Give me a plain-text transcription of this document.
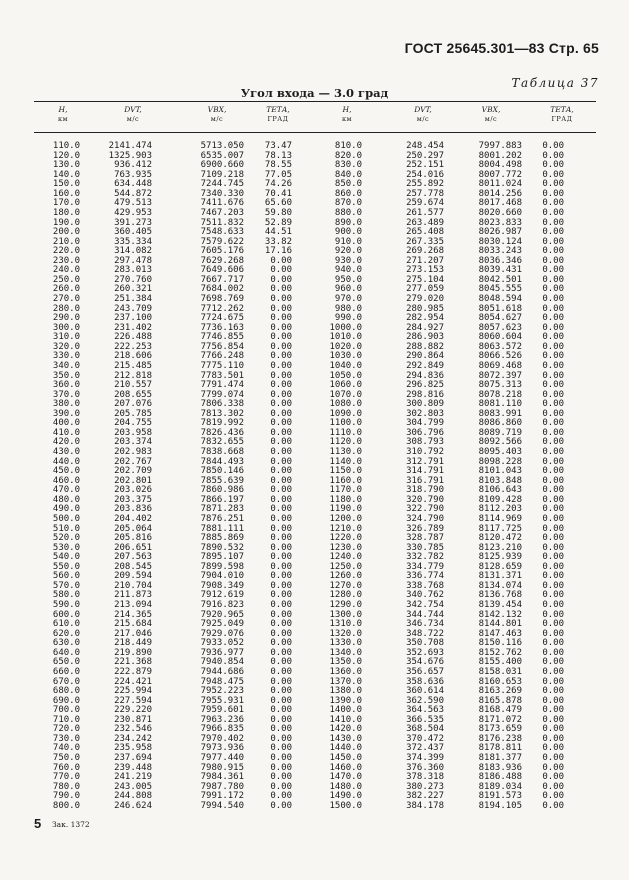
ГОСТ 25645.301—83 Стр. 65
Таблица 37
Угол входа — 3.0 град
H,
км
DVT,
м/с
VBX,
м/с
ТЕТА,
ГРАД
H,
км
DVT,
м/с
VBX,
м/с
ТЕТА,
ГРАД
110.0
120.0
130.0
140.0
150.0
160.0
170.0
180.0
190.0
200.0
210.0
220.0
230.0
240.0
250.0
260.0
270.0
280.0
290.0
300.0
310.0
320.0
330.0
340.0
350.0
360.0
370.0
380.0
390.0
400.0
410.0
420.0
430.0
440.0
450.0
460.0
470.0
480.0
490.0
500.0
510.0
520.0
530.0
540.0
550.0
560.0
570.0
580.0
590.0
600.0
610.0
620.0
630.0
640.0
650.0
660.0
670.0
680.0
690.0
700.0
710.0
720.0
730.0
740.0
750.0
760.0
770.0
780.0
790.0
800.0
2141.474
1325.903
936.412
763.935
634.448
544.872
479.513
429.953
391.273
360.405
335.334
314.082
297.478
283.013
270.760
260.321
251.384
243.709
237.100
231.402
226.488
222.253
218.606
215.485
212.818
210.557
208.655
207.076
205.785
204.755
203.958
203.374
202.983
202.767
202.709
202.801
203.026
203.375
203.836
204.402
205.064
205.816
206.651
207.563
208.545
209.594
210.704
211.873
213.094
214.365
215.684
217.046
218.449
219.890
221.368
222.879
224.421
225.994
227.594
229.220
230.871
232.546
234.242
235.958
237.694
239.448
241.219
243.005
244.808
246.624
5713.050
6535.007
6900.660
7109.218
7244.745
7340.330
7411.676
7467.203
7511.832
7548.633
7579.622
7605.176
7629.268
7649.606
7667.717
7684.002
7698.769
7712.262
7724.675
7736.163
7746.855
7756.854
7766.248
7775.110
7783.501
7791.474
7799.074
7806.338
7813.302
7819.992
7826.436
7832.655
7838.668
7844.493
7850.146
7855.639
7860.986
7866.197
7871.283
7876.251
7881.111
7885.869
7890.532
7895.107
7899.598
7904.010
7908.349
7912.619
7916.823
7920.965
7925.049
7929.076
7933.052
7936.977
7940.854
7944.686
7948.475
7952.223
7955.931
7959.601
7963.236
7966.835
7970.402
7973.936
7977.440
7980.915
7984.361
7987.780
7991.172
7994.540
73.47
78.13
78.55
77.05
74.26
70.41
65.60
59.80
52.89
44.51
33.82
17.16
0.00
0.00
0.00
0.00
0.00
0.00
0.00
0.00
0.00
0.00
0.00
0.00
0.00
0.00
0.00
0.00
0.00
0.00
0.00
0.00
0.00
0.00
0.00
0.00
0.00
0.00
0.00
0.00
0.00
0.00
0.00
0.00
0.00
0.00
0.00
0.00
0.00
0.00
0.00
0.00
0.00
0.00
0.00
0.00
0.00
0.00
0.00
0.00
0.00
0.00
0.00
0.00
0.00
0.00
0.00
0.00
0.00
0.00
810.0
820.0
830.0
840.0
850.0
860.0
870.0
880.0
890.0
900.0
910.0
920.0
930.0
940.0
950.0
960.0
970.0
980.0
990.0
1000.0
1010.0
1020.0
1030.0
1040.0
1050.0
1060.0
1070.0
1080.0
1090.0
1100.0
1110.0
1120.0
1130.0
1140.0
1150.0
1160.0
1170.0
1180.0
1190.0
1200.0
1210.0
1220.0
1230.0
1240.0
1250.0
1260.0
1270.0
1280.0
1290.0
1300.0
1310.0
1320.0
1330.0
1340.0
1350.0
1360.0
1370.0
1380.0
1390.0
1400.0
1410.0
1420.0
1430.0
1440.0
1450.0
1460.0
1470.0
1480.0
1490.0
1500.0
248.454
250.297
252.151
254.016
255.892
257.778
259.674
261.577
263.489
265.408
267.335
269.268
271.207
273.153
275.104
277.059
279.020
280.985
282.954
284.927
286.903
288.882
290.864
292.849
294.836
296.825
298.816
300.809
302.803
304.799
306.796
308.793
310.792
312.791
314.791
316.791
318.790
320.790
322.790
324.790
326.789
328.787
330.785
332.782
334.779
336.774
338.768
340.762
342.754
344.744
346.734
348.722
350.708
352.693
354.676
356.657
358.636
360.614
362.590
364.563
366.535
368.504
370.472
372.437
374.399
376.360
378.318
380.273
382.227
384.178
7997.883
8001.202
8004.498
8007.772
8011.024
8014.256
8017.468
8020.660
8023.833
8026.987
8030.124
8033.243
8036.346
8039.431
8042.501
8045.555
8048.594
8051.618
8054.627
8057.623
8060.604
8063.572
8066.526
8069.468
8072.397
8075.313
8078.218
8081.110
8083.991
8086.860
8089.719
8092.566
8095.403
8098.228
8101.043
8103.848
8106.643
8109.428
8112.203
8114.969
8117.725
8120.472
8123.210
8125.939
8128.659
8131.371
8134.074
8136.768
8139.454
8142.132
8144.801
8147.463
8150.116
8152.762
8155.400
8158.031
8160.653
8163.269
8165.878
8168.479
8171.072
8173.659
8176.238
8178.811
8181.377
8183.936
8186.488
8189.034
8191.573
8194.105
0.00
0.00
0.00
0.00
0.00
0.00
0.00
0.00
0.00
0.00
0.00
0.00
0.00
0.00
0.00
0.00
0.00
0.00
0.00
0.00
0.00
0.00
0.00
0.00
0.00
0.00
0.00
0.00
0.00
0.00
0.00
0.00
0.00
0.00
0.00
0.00
0.00
0.00
0.00
0.00
0.00
0.00
0.00
0.00
0.00
0.00
0.00
0.00
0.00
0.00
0.00
0.00
0.00
0.00
0.00
0.00
0.00
0.00
0.00
0.00
0.00
0.00
0.00
0.00
0.00
0.00
0.00
0.00
0.00
0.00
5 Зак. 1372
